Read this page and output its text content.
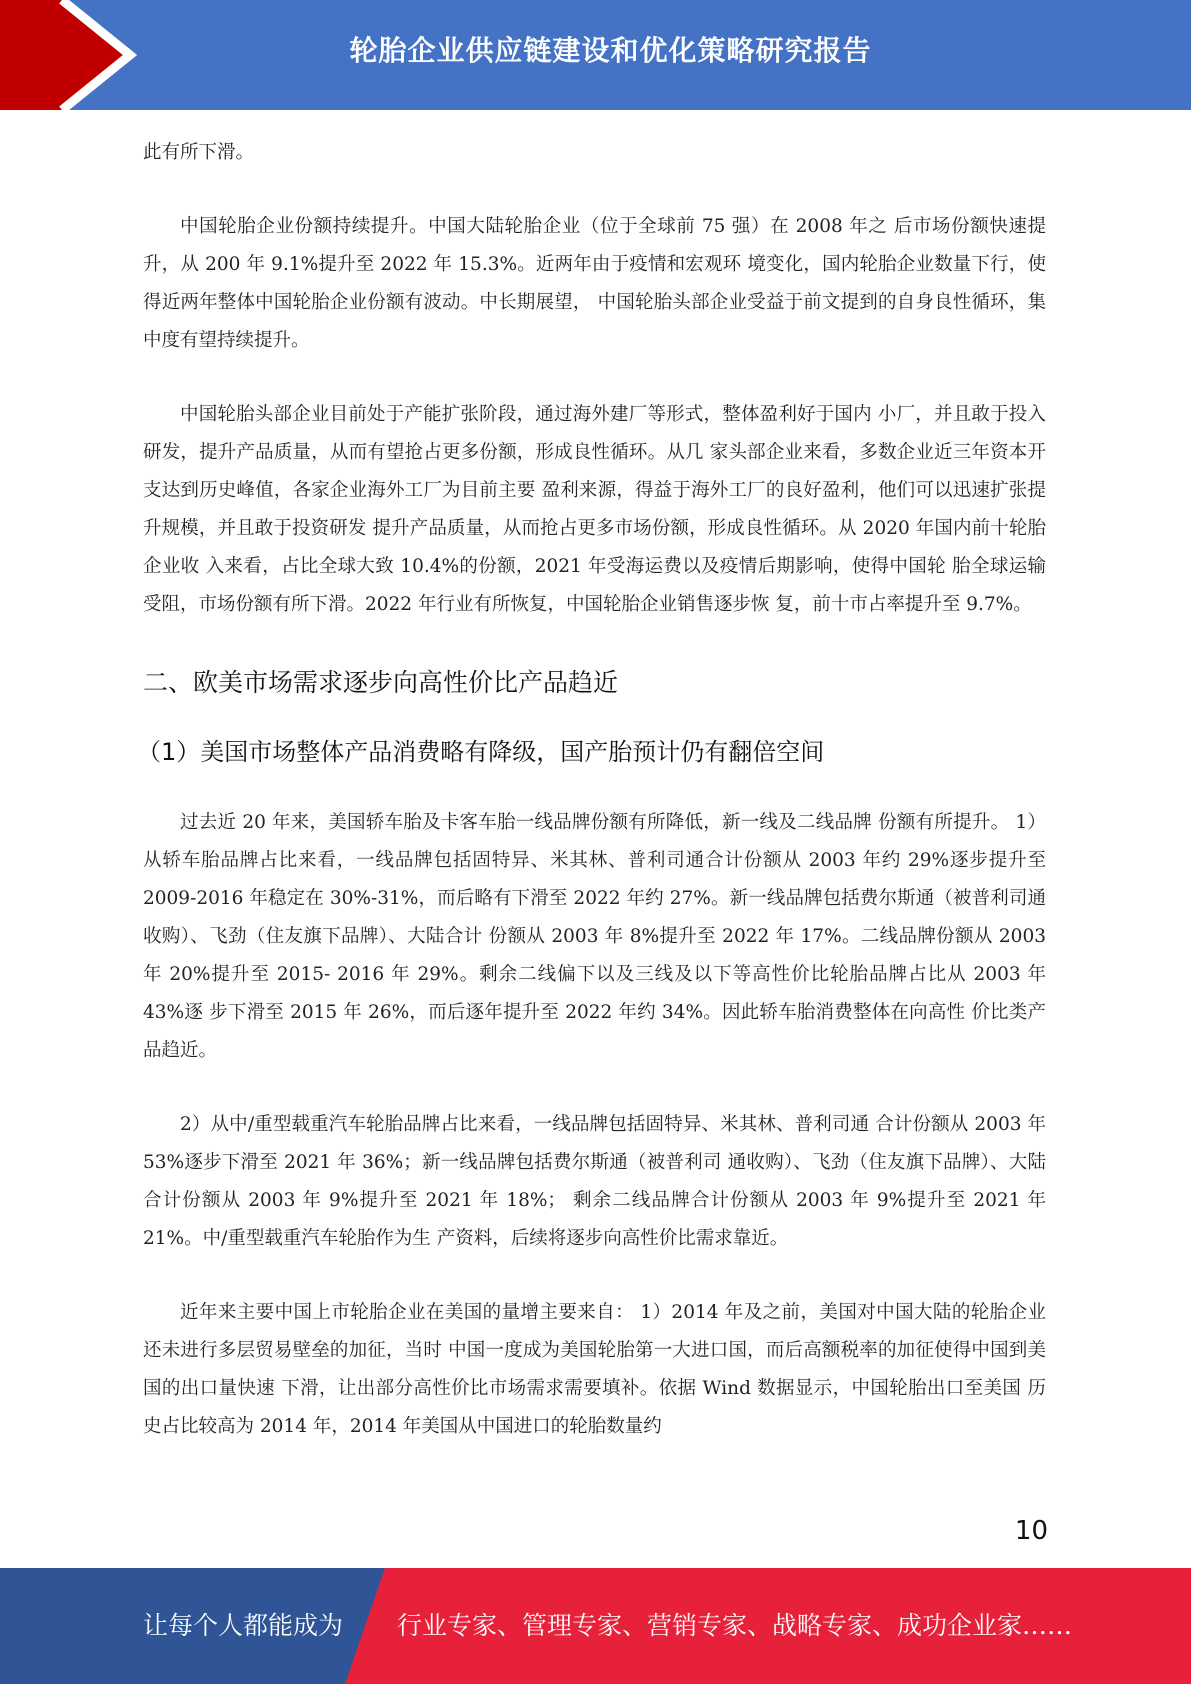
轮胎企业供应链建设和优化策略研究报告

此有所下滑。

中国轮胎企业份额持续提升。中国大陆轮胎企业（位于全球前 75 强）在 2008 年之 后市场份额快速提升，从 200 年 9.1%提升至 2022 年 15.3%。近两年由于疫情和宏观环 境变化，国内轮胎企业数量下行，使得近两年整体中国轮胎企业份额有波动。中长期展望， 中国轮胎头部企业受益于前文提到的自身良性循环，集中度有望持续提升。

中国轮胎头部企业目前处于产能扩张阶段，通过海外建厂等形式，整体盈利好于国内 小厂，并且敢于投入研发，提升产品质量，从而有望抢占更多份额，形成良性循环。从几 家头部企业来看，多数企业近三年资本开支达到历史峰值，各家企业海外工厂为目前主要 盈利来源，得益于海外工厂的良好盈利，他们可以迅速扩张提升规模，并且敢于投资研发 提升产品质量，从而抢占更多市场份额，形成良性循环。从 2020 年国内前十轮胎企业收 入来看，占比全球大致 10.4%的份额，2021 年受海运费以及疫情后期影响，使得中国轮 胎全球运输受阻，市场份额有所下滑。2022 年行业有所恢复，中国轮胎企业销售逐步恢 复，前十市占率提升至 9.7%。

二、欧美市场需求逐步向高性价比产品趋近
（1）美国市场整体产品消费略有降级，国产胎预计仍有翻倍空间

过去近 20 年来，美国轿车胎及卡客车胎一线品牌份额有所降低，新一线及二线品牌 份额有所提升。 1）从轿车胎品牌占比来看，一线品牌包括固特异、米其林、普利司通合计份额从 2003 年约 29%逐步提升至 2009-2016 年稳定在 30%-31%，而后略有下滑至 2022 年约 27%。新一线品牌包括费尔斯通（被普利司通收购）、飞劲（住友旗下品牌）、大陆合计 份额从 2003 年 8%提升至 2022 年 17%。二线品牌份额从 2003 年 20%提升至 2015- 2016 年 29%。剩余二线偏下以及三线及以下等高性价比轮胎品牌占比从 2003 年 43%逐 步下滑至 2015 年 26%，而后逐年提升至 2022 年约 34%。因此轿车胎消费整体在向高性 价比类产品趋近。

2）从中/重型载重汽车轮胎品牌占比来看，一线品牌包括固特异、米其林、普利司通 合计份额从 2003 年 53%逐步下滑至 2021 年 36%；新一线品牌包括费尔斯通（被普利司 通收购）、飞劲（住友旗下品牌）、大陆合计份额从 2003 年 9%提升至 2021 年 18%； 剩余二线品牌合计份额从 2003 年 9%提升至 2021 年 21%。中/重型载重汽车轮胎作为生 产资料，后续将逐步向高性价比需求靠近。

近年来主要中国上市轮胎企业在美国的量增主要来自： 1）2014 年及之前，美国对中国大陆的轮胎企业还未进行多层贸易壁垒的加征，当时 中国一度成为美国轮胎第一大进口国，而后高额税率的加征使得中国到美国的出口量快速 下滑，让出部分高性价比市场需求需要填补。依据 Wind 数据显示，中国轮胎出口至美国 历史占比较高为 2014 年，2014 年美国从中国进口的轮胎数量约

10
让每个人都能成为 行业专家、管理专家、营销专家、战略专家、成功企业家……
